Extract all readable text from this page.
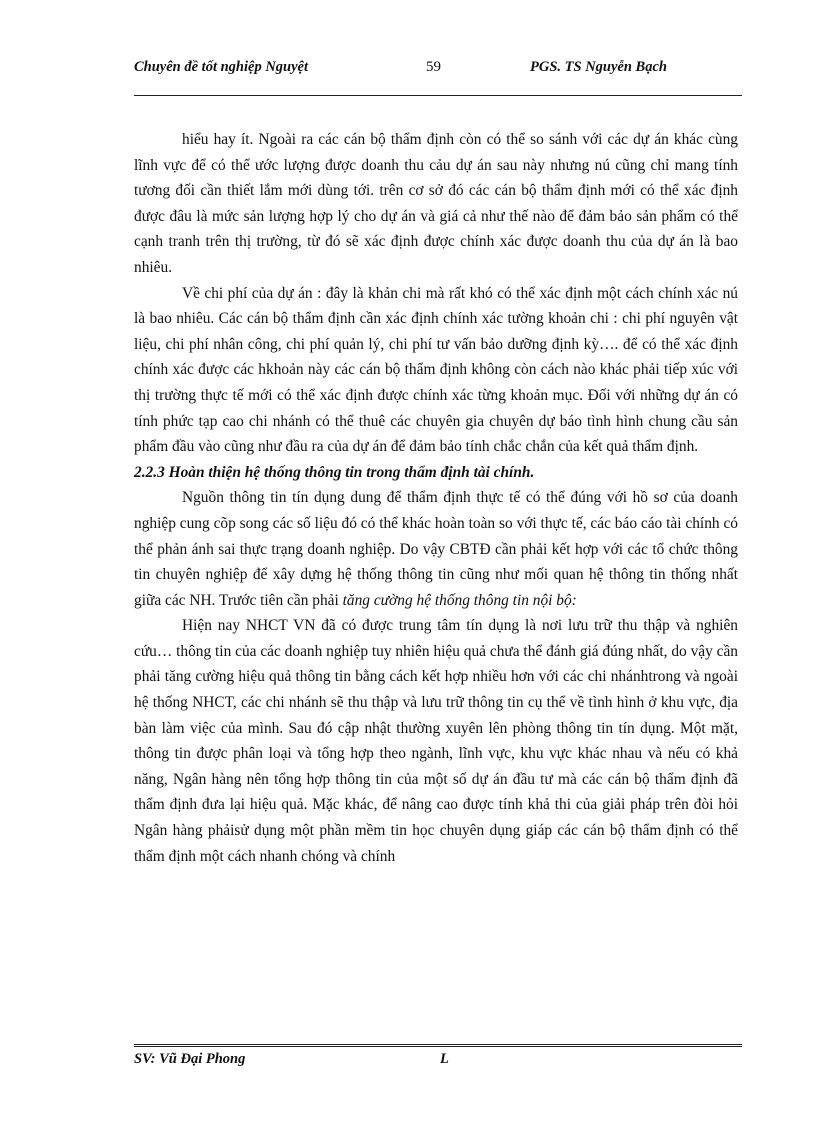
Chuyên đề tốt nghiệp Nguyệt	59	PGS. TS Nguyễn Bạch

hiểu hay ít. Ngoài ra các cán bộ thẩm định còn có thể so sánh với các dự án khác cùng lĩnh vực để có thể ước lượng được doanh thu cảu dự án sau này nhưng nú cũng chỉ mang tính tương đối cần thiết lắm mới dùng tới. trên cơ sở đó các cán bộ thẩm định mới có thể xác định được đâu là mức sản lượng hợp lý cho dự án và giá cả như thế nào để đảm bảo sản phẩm có thể cạnh tranh trên thị trường, từ đó sẽ xác định được chính xác được doanh thu của dự án là bao nhiêu.

Về chi phí của dự án : đây là khản chi mà rất khó có thể xác định một cách chính xác nú là bao nhiêu. Các cán bộ thẩm định cần xác định chính xác tường khoản chi : chi phí nguyên vật liệu, chi phí nhân công, chi phí quản lý, chi phí tư vấn bảo dưỡng định kỳ…. để có thể xác định chính xác được các hkhoản này các cán bộ thẩm định không còn cách nào khác phải tiếp xúc với thị trường thực tế mới có thể xác định được chính xác từng khoản mục. Đối với những dự án có tính phức tạp cao chi nhánh có thể thuê các chuyên gia chuyên dự báo tình hình chung cầu sản phẩm đầu vào cũng như đầu ra của dự án để đảm bảo tính chắc chắn của kết quả thẩm định.

2.2.3 Hoàn thiện hệ thống thông tin trong thẩm định tài chính.

Nguồn thông tin tín dụng dung để thẩm định thực tế có thể đúng với hồ sơ của doanh nghiệp cung cõp song các số liệu đó có thể khác hoàn toàn so với thực tế, các báo cáo tài chính có thể phản ánh sai thực trạng doanh nghiệp. Do vậy CBTĐ cần phải kết hợp với các tổ chức thông tin chuyên nghiệp để xây dựng hệ thống thông tin cũng như mối quan hệ thông tin thống nhất giữa các NH. Trước tiên cần phải tăng cường hệ thống thông tin nội bộ:

Hiện nay NHCT VN đã có được trung tâm tín dụng là nơi lưu trữ thu thập và nghiên cứu… thông tin của các doanh nghiệp tuy nhiên hiệu quả chưa thể đánh giá đúng nhất, do vậy cần phải tăng cường hiệu quả thông tin bằng cách kết hợp nhiều hơn với các chi nhánhtrong và ngoài hệ thống NHCT, các chi nhánh sẽ thu thập và lưu trữ thông tin cụ thể về tình hình ở khu vực, địa bàn làm việc của mình. Sau đó cập nhật thường xuyên lên phòng thông tin tín dụng. Một mặt, thông tin được phân loại và tổng hợp theo ngành, lĩnh vực, khu vực khác nhau và nếu có khả năng, Ngân hàng nên tổng hợp thông tin của một số dự án đầu tư mà các cán bộ thẩm định đã thẩm định đưa lại hiệu quả. Mặc khác, để nâng cao được tính khả thi của giải pháp trên đòi hỏi Ngân hàng phảisử dụng một phần mềm tin học chuyên dụng giáp các cán bộ thẩm định có thể thẩm định một cách nhanh chóng và chính

SV: Vũ Đại Phong	L
